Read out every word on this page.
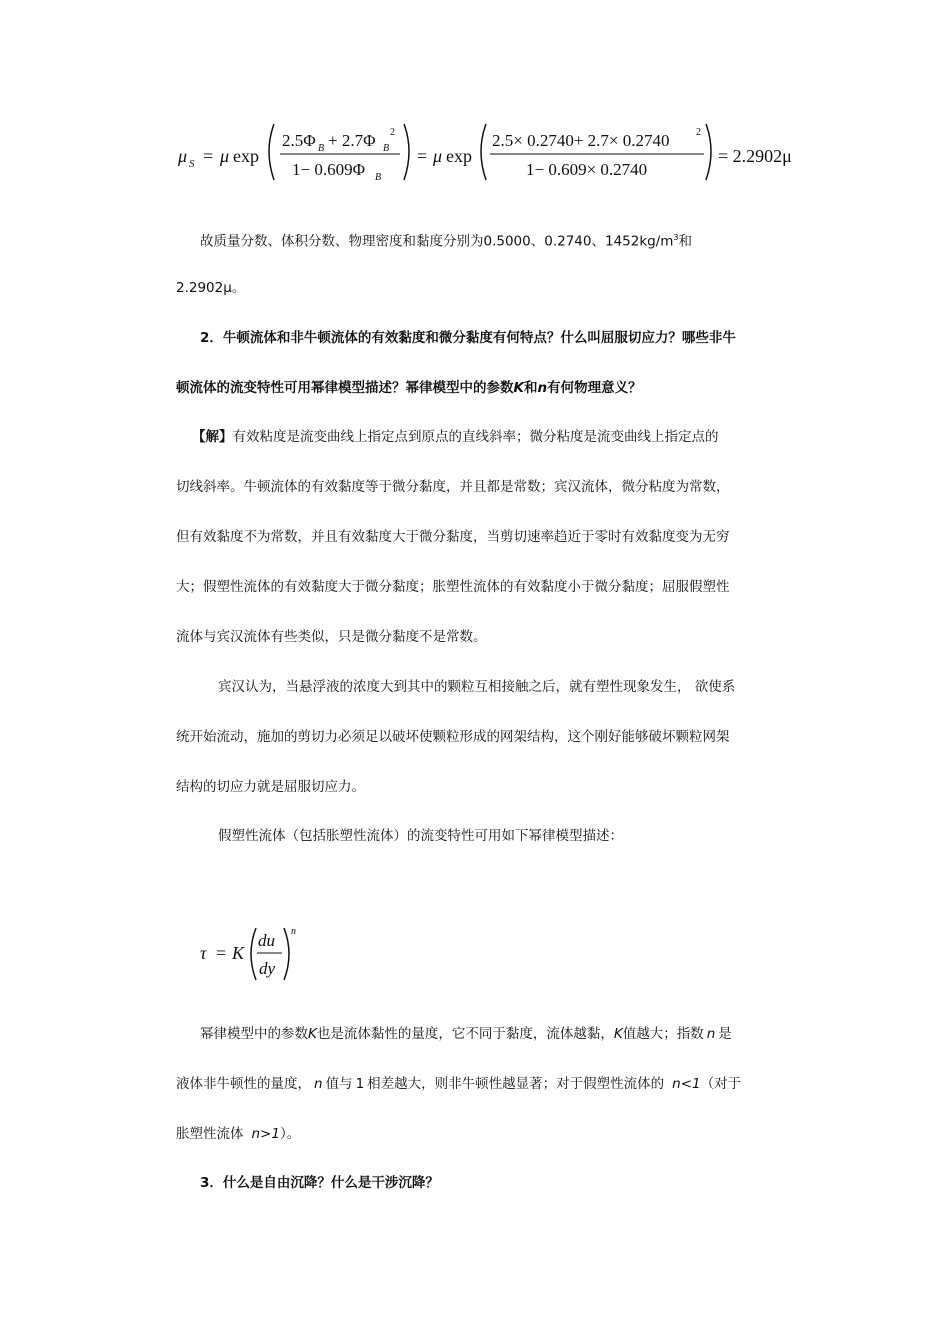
μ S = μ exp
2.5Φ B + 2.7Φ B
2
1− 0.609Φ B
= μ exp
2.5× 0.2740+ 2.7× 0.2740	2
1− 0.609× 0.2740
= 2.2902μ
故质量分数、体积分数、物理密度和黏度分别为0.5000、0.2740、$1452kg/m^3$和
2.2902μ。
2．牛顿流体和非牛顿流体的有效黏度和微分黏度有何特点？什么叫屈服切应力？哪些非牛
顿流体的流变特性可用幂律模型描述？幂律模型中的参数K和n有何物理意义？
【解】有效粘度是流变曲线上指定点到原点的直线斜率；微分粘度是流变曲线上指定点的
切线斜率。牛顿流体的有效黏度等于微分黏度，并且都是常数；宾汉流体，微分粘度为常数，
但有效黏度不为常数，并且有效黏度大于微分黏度，当剪切速率趋近于零时有效黏度变为无穷
大；假塑性流体的有效黏度大于微分黏度；胀塑性流体的有效黏度小于微分黏度；屈服假塑性
流体与宾汉流体有些类似，只是微分黏度不是常数。
宾汉认为，当悬浮液的浓度大到其中的颗粒互相接触之后，就有塑性现象发生， 欲使系
统开始流动，施加的剪切力必须足以破坏使颗粒形成的网架结构，这个刚好能够破坏颗粒网架
结构的切应力就是屈服切应力。
假塑性流体（包括胀塑性流体）的流变特性可用如下幂律模型描述：
τ = K
du
dy
n
幂律模型中的参数K也是流体黏性的量度，它不同于黏度，流体越黏，K值越大；指数 n 是
液体非牛顿性的量度， n 值与 1 相差越大，则非牛顿性越显著；对于假塑性流体的 n<1（对于
胀塑性流体 n>1）。
3．什么是自由沉降？什么是干涉沉降？
